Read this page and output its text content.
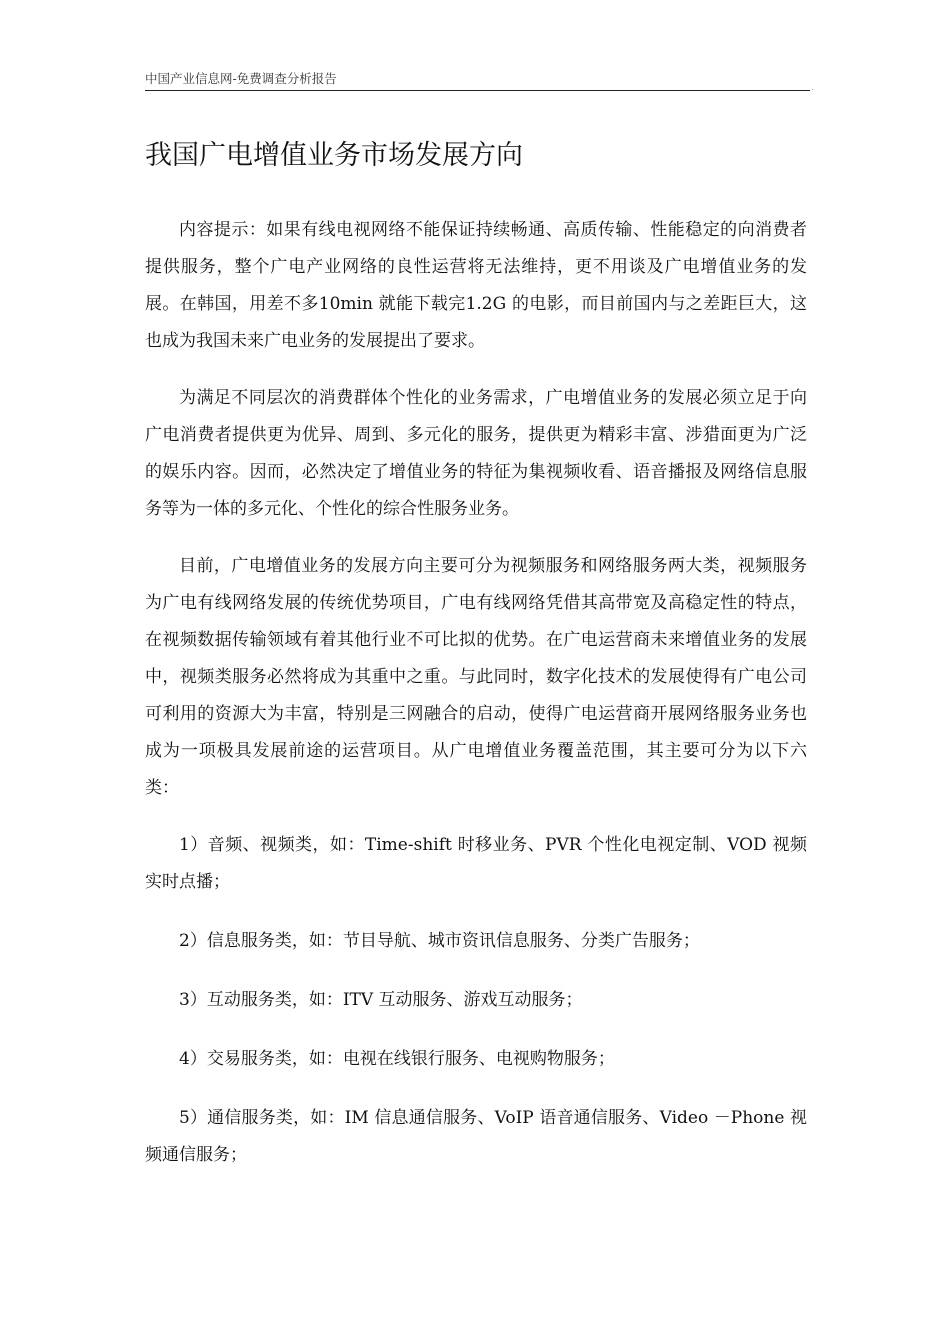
中国产业信息网-免费调查分析报告
.
我国广电增值业务市场发展方向

内容提示：如果有线电视网络不能保证持续畅通、高质传输、性能稳定的向消费者提供服务，整个广电产业网络的良性运营将无法维持，更不用谈及广电增值业务的发展。在韩国，用差不多10min 就能下载完1.2G 的电影，而目前国内与之差距巨大，这也成为我国未来广电业务的发展提出了要求。

为满足不同层次的消费群体个性化的业务需求，广电增值业务的发展必须立足于向广电消费者提供更为优异、周到、多元化的服务，提供更为精彩丰富、涉猎面更为广泛的娱乐内容。因而，必然决定了增值业务的特征为集视频收看、语音播报及网络信息服务等为一体的多元化、个性化的综合性服务业务。

目前，广电增值业务的发展方向主要可分为视频服务和网络服务两大类，视频服务为广电有线网络发展的传统优势项目，广电有线网络凭借其高带宽及高稳定性的特点，在视频数据传输领域有着其他行业不可比拟的优势。在广电运营商未来增值业务的发展中，视频类服务必然将成为其重中之重。与此同时，数字化技术的发展使得有广电公司可利用的资源大为丰富，特别是三网融合的启动，使得广电运营商开展网络服务业务也成为一项极具发展前途的运营项目。从广电增值业务覆盖范围，其主要可分为以下六类：

1）音频、视频类，如：Time-shift 时移业务、PVR 个性化电视定制、VOD 视频实时点播；

2）信息服务类，如：节目导航、城市资讯信息服务、分类广告服务；

3）互动服务类，如：ITV 互动服务、游戏互动服务；

4）交易服务类，如：电视在线银行服务、电视购物服务；

5）通信服务类，如：IM 信息通信服务、VoIP 语音通信服务、Video －Phone 视频通信服务；
